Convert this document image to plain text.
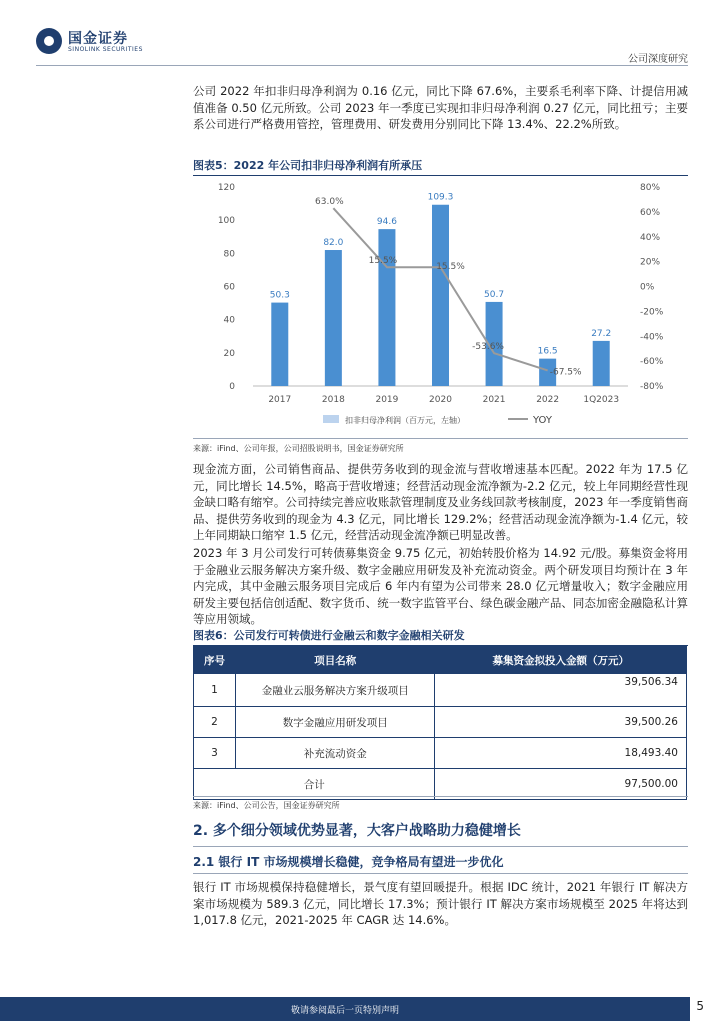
国金证券
SINOLINK SECURITIES
公司深度研究

公司 2022 年扣非归母净利润为 0.16 亿元，同比下降 67.6%，主要系毛利率下降、计提信用减值准备 0.50 亿元所致。公司 2023 年一季度已实现扣非归母净利润 0.27 亿元，同比扭亏；主要系公司进行严格费用管控，管理费用、研发费用分别同比下降 13.4%、22.2%所致。

图表5：2022 年公司扣非归母净利润有所承压
50.3
82.0
94.6
109.3
50.7
16.5
27.2
63.0%
15.5%
15.5%
-53.6%
-67.5%
0
20
40
60
80
100
120
-80%
-60%
-40%
-20%
0%
20%
40%
60%
80%
2017	2018	2019	2020	2021	2022	1Q2023
扣非归母净利润（百万元，左轴）	YOY
来源：iFind、公司年报，公司招股说明书，国金证券研究所

现金流方面，公司销售商品、提供劳务收到的现金流与营收增速基本匹配。2022 年为 17.5 亿元，同比增长 14.5%，略高于营收增速；经营活动现金流净额为-2.2 亿元，较上年同期经营性现金缺口略有缩窄。公司持续完善应收账款管理制度及业务线回款考核制度，2023 年一季度销售商品、提供劳务收到的现金为 4.3 亿元，同比增长 129.2%；经营活动现金流净额为-1.4 亿元，较上年同期缺口缩窄 1.5 亿元，经营活动现金流净额已明显改善。

2023 年 3 月公司发行可转债募集资金 9.75 亿元，初始转股价格为 14.92 元/股。募集资金将用于金融业云服务解决方案升级、数字金融应用研发及补充流动资金。两个研发项目均预计在 3 年内完成，其中金融云服务项目完成后 6 年内有望为公司带来 28.0 亿元增量收入；数字金融应用研发主要包括信创适配、数字货币、统一数字监管平台、绿色碳金融产品、同态加密金融隐私计算等应用领域。

图表6：公司发行可转债进行金融云和数字金融相关研发
序号	项目名称	募集资金拟投入金额（万元）
1	金融业云服务解决方案升级项目	39,506.34
2	数字金融应用研发项目	39,500.26
3	补充流动资金	18,493.40
合计		97,500.00
来源：iFind、公司公告，国金证券研究所
2. 多个细分领域优势显著，大客户战略助力稳健增长
2.1 银行 IT 市场规模增长稳健，竞争格局有望进一步优化

银行 IT 市场规模保持稳健增长，景气度有望回暖提升。根据 IDC 统计，2021 年银行 IT 解决方案市场规模为 589.3 亿元，同比增长 17.3%；预计银行 IT 解决方案市场规模至 2025 年将达到 1,017.8 亿元，2021-2025 年 CAGR 达 14.6%。

敬请参阅最后一页特别声明	5
